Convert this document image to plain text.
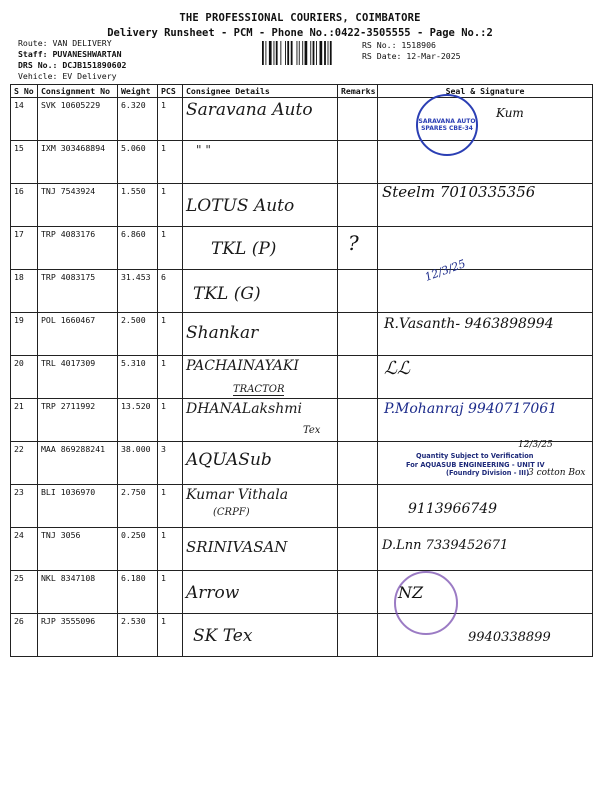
THE PROFESSIONAL COURIERS, COIMBATORE
Delivery Runsheet - PCM - Phone No.:0422-3505555 - Page No.:2
Route: VAN DELIVERY
Staff: PUVANESHWARTAN
DRS No.: DCJB151890602
Vehicle: EV Delivery
RS No.: 1518906
RS Date: 12-Mar-2025
S No	Consignment No	Weight	PCS	Consignee Details	Remarks	Seal & Signature
14	SVK 10605229	6.320	1	Saravana Auto		SARAVANA AUTO SPARES CBE-34
Kum

15	IXM 303468894	5.060	1	" "		
16	TNJ 7543924	1.550	1	LOTUS Auto		Steelm 7010335356

17	TRP 4083176	6.860	1	TKL (P)	?	

18	TRP 4083175	31.453	6	TKL (G)		12/3/25

19	POL 1660467	2.500	1	Shankar		R.Vasanth- 9463898994

20	TRL 4017309	5.310	1	PACHAINAYAKI
TRACTOR		ℒℒ

21	TRP 2711992	13.520	1	DHANALakshmi
Tex		P.Mohanraj 9940717061

22	MAA 869288241	38.000	3	AQUASub		Quantity Subject to Verification
For AQUASUB ENGINEERING - UNIT IV
(Foundry Division - III)
12/3/25
3 cotton Box

23	BLI 1036970	2.750	1	Kumar Vithala
(CRPF)		9113966749

24	TNJ 3056	0.250	1	SRINIVASAN		D.Lnn 7339452671

25	NKL 8347108	6.180	1	Arrow		NZ

26	RJP 3555096	2.530	1	SK Tex		9940338899
